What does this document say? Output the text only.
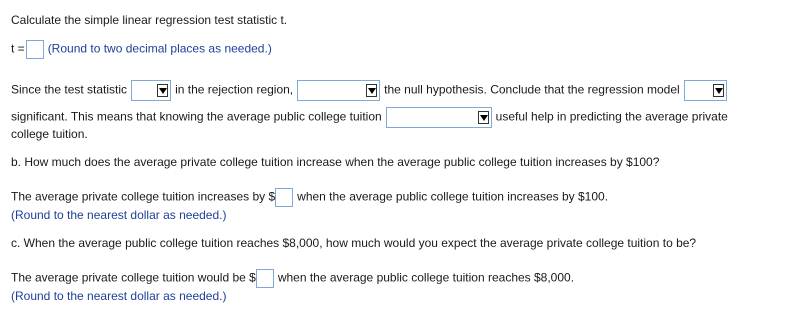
Calculate the simple linear regression test statistic t.
t = (Round to two decimal places as needed.)
Since the test statistic	in the rejection region,	the null hypothesis. Conclude that the regression model
significant. This means that knowing the average public college tuition	useful help in predicting the average private
college tuition.
b. How much does the average private college tuition increase when the average public college tuition increases by $100?
The average private college tuition increases by $ when the average public college tuition increases by $100.
(Round to the nearest dollar as needed.)
c. When the average public college tuition reaches $8,000, how much would you expect the average private college tuition to be?
The average private college tuition would be $ when the average public college tuition reaches $8,000.
(Round to the nearest dollar as needed.)
